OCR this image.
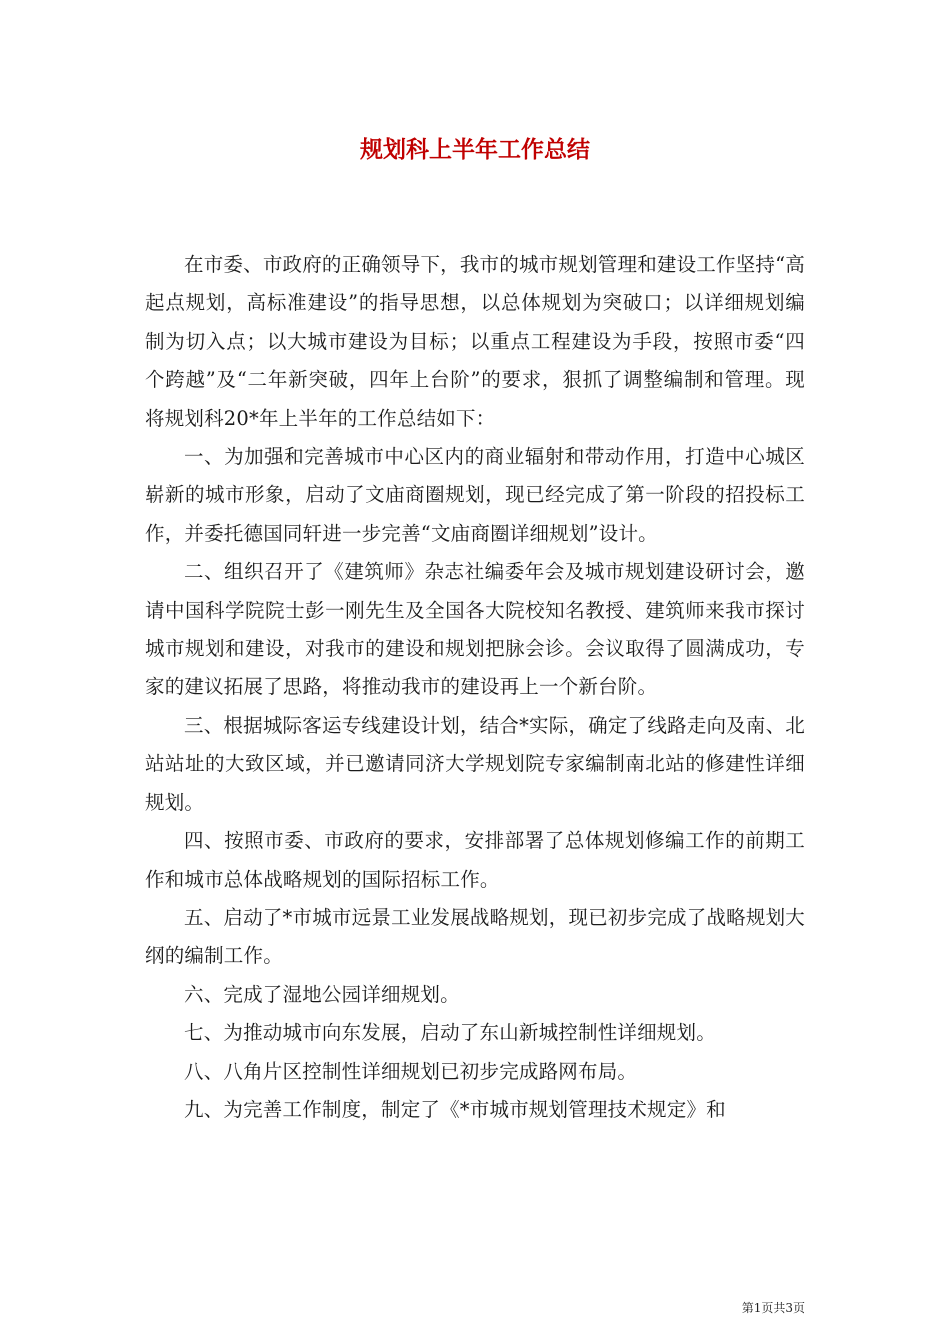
规划科上半年工作总结

在市委、市政府的正确领导下，我市的城市规划管理和建设工作坚持“高起点规划，高标准建设”的指导思想，以总体规划为突破口；以详细规划编制为切入点；以大城市建设为目标；以重点工程建设为手段，按照市委“四个跨越”及“二年新突破，四年上台阶”的要求，狠抓了调整编制和管理。现将规划科20*年上半年的工作总结如下：

一、为加强和完善城市中心区内的商业辐射和带动作用，打造中心城区崭新的城市形象，启动了文庙商圈规划，现已经完成了第一阶段的招投标工作，并委托德国同轩进一步完善“文庙商圈详细规划”设计。

二、组织召开了《建筑师》杂志社编委年会及城市规划建设研讨会，邀请中国科学院院士彭一刚先生及全国各大院校知名教授、建筑师来我市探讨城市规划和建设，对我市的建设和规划把脉会诊。会议取得了圆满成功，专家的建议拓展了思路，将推动我市的建设再上一个新台阶。

三、根据城际客运专线建设计划，结合*实际，确定了线路走向及南、北站站址的大致区域，并已邀请同济大学规划院专家编制南北站的修建性详细规划。

四、按照市委、市政府的要求，安排部署了总体规划修编工作的前期工作和城市总体战略规划的国际招标工作。

五、启动了*市城市远景工业发展战略规划，现已初步完成了战略规划大纲的编制工作。

六、完成了湿地公园详细规划。

七、为推动城市向东发展，启动了东山新城控制性详细规划。

八、八角片区控制性详细规划已初步完成路网布局。

九、为完善工作制度，制定了《*市城市规划管理技术规定》和

第1页共3页
